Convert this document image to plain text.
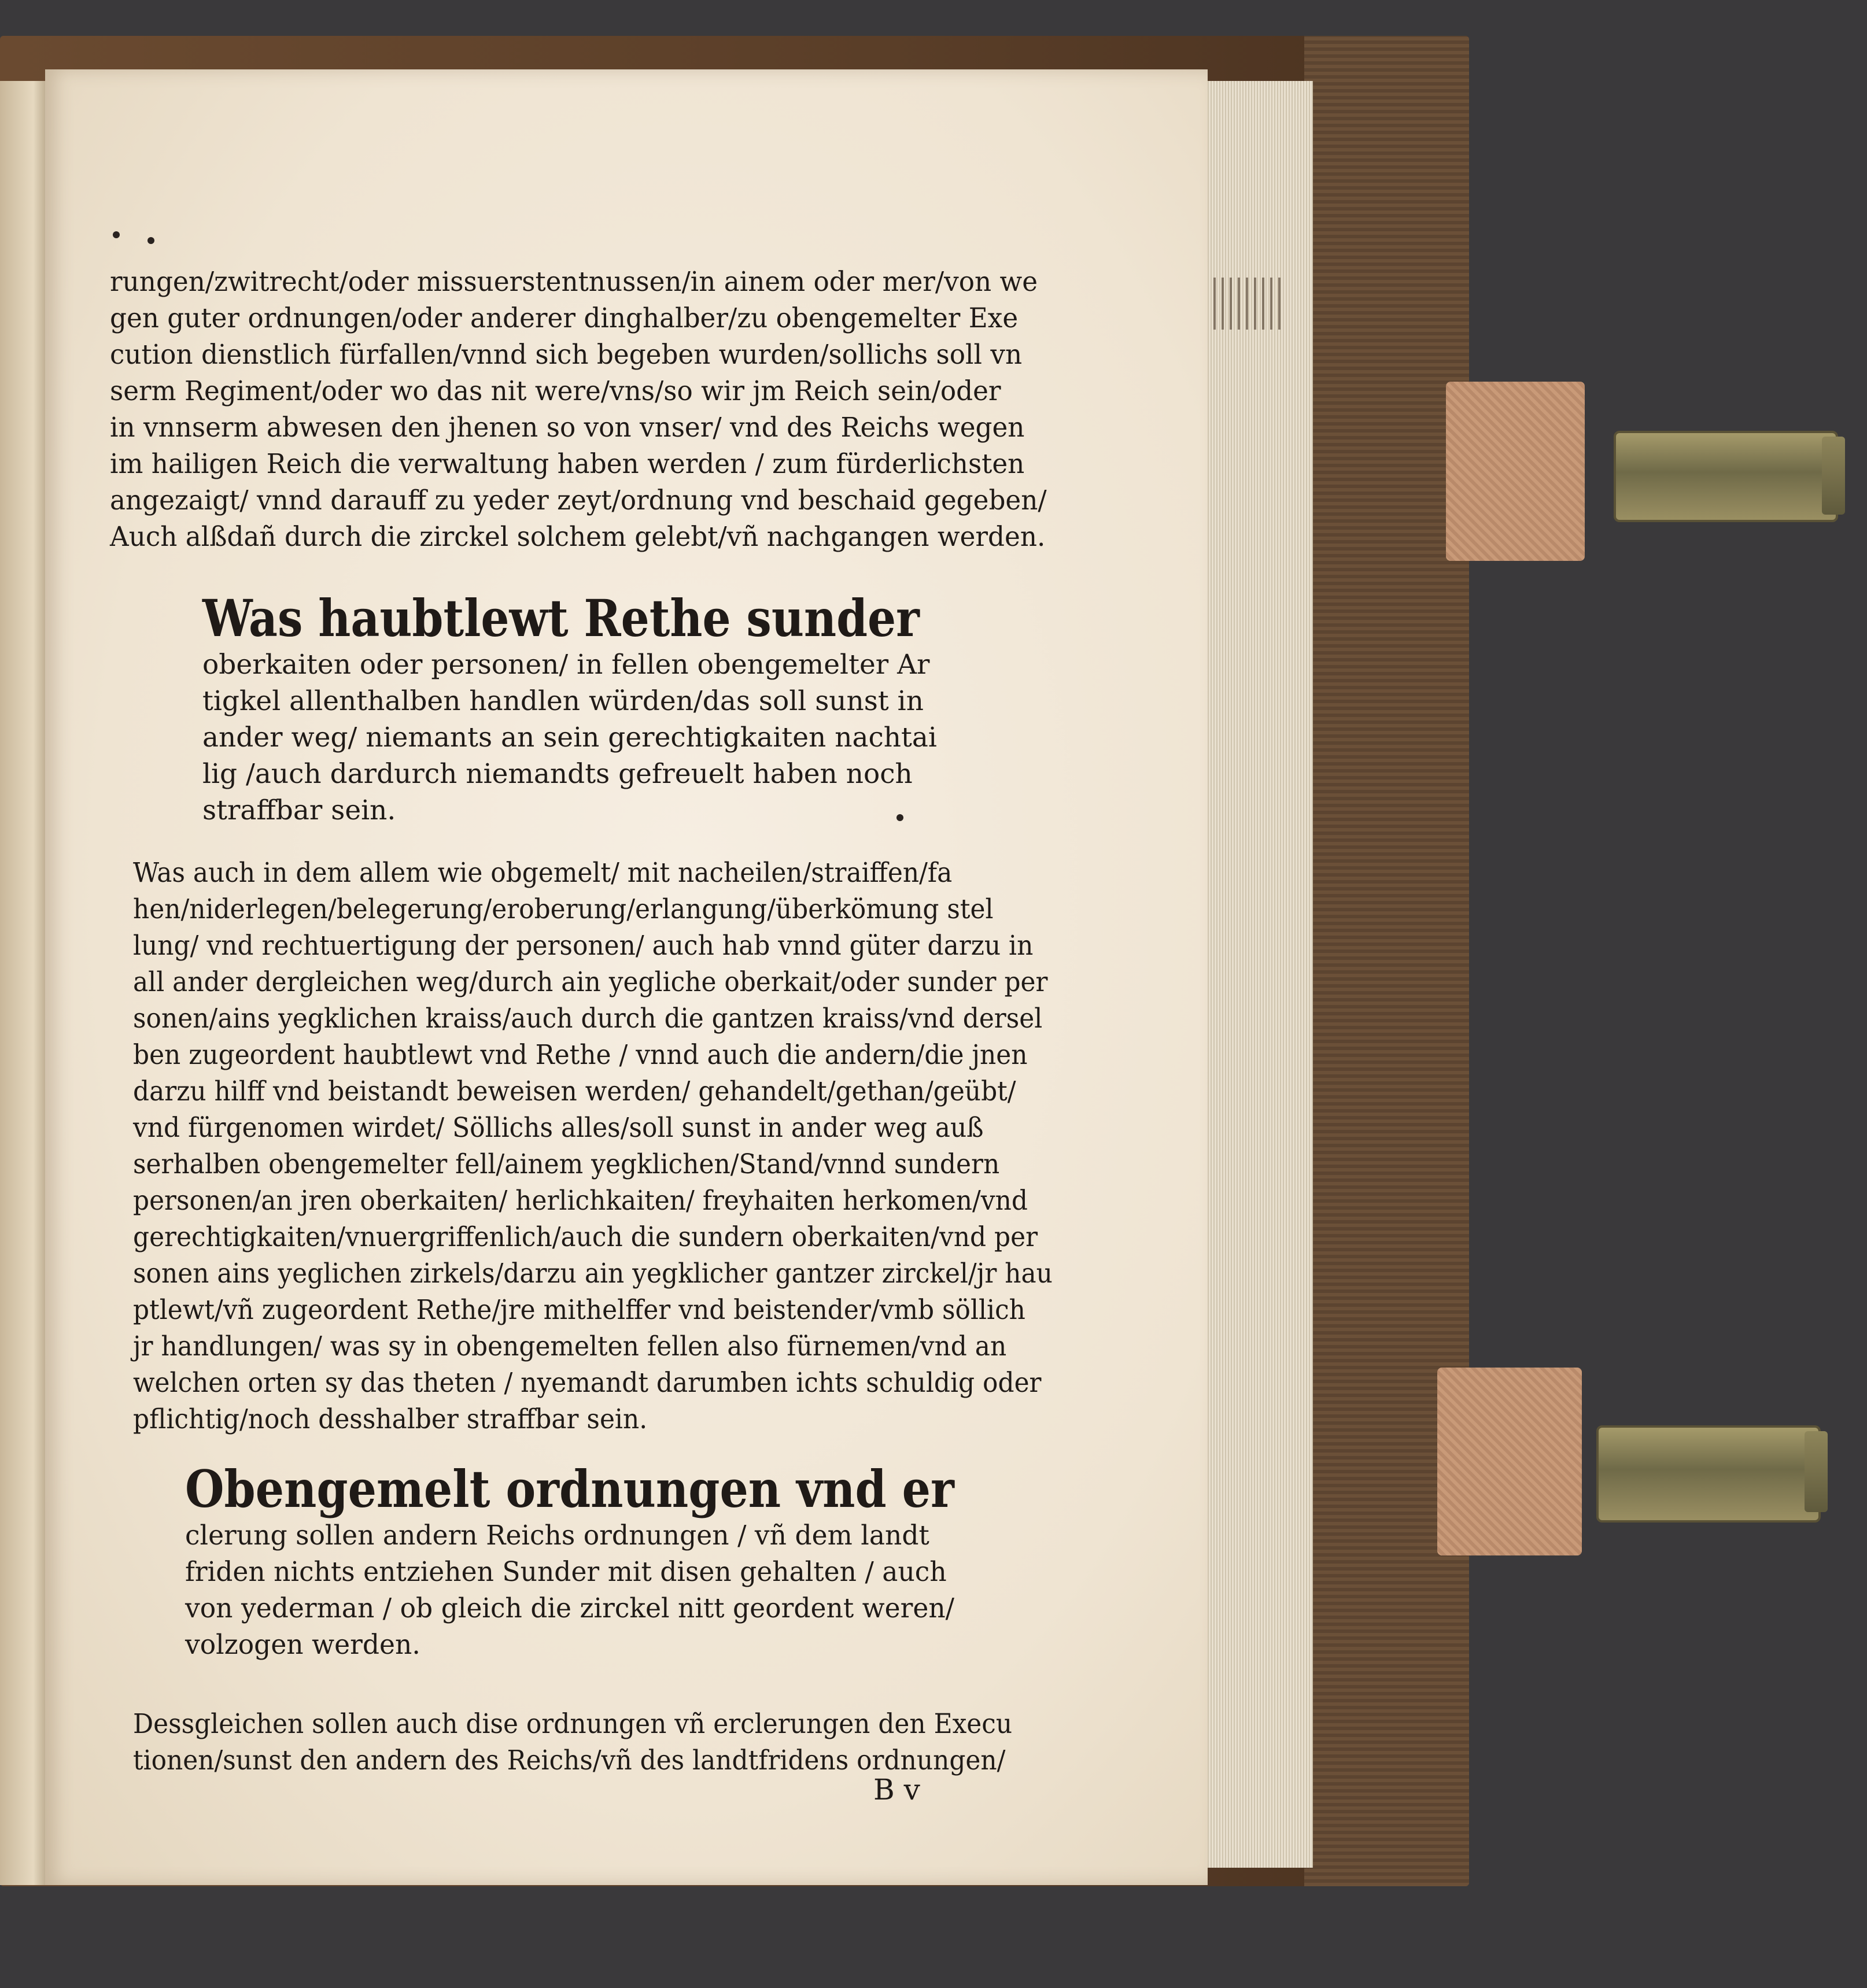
rungen/zwitrecht/oder missuerstentnussen/in ainem oder mer/von we
gen guter ordnungen/oder anderer dinghalber/zu obengemelter Exe
cution dienstlich fürfallen/vnnd sich begeben wurden/sollichs soll vn
serm Regiment/oder wo das nit were/vns/so wir jm Reich sein/oder
in vnnserm abwesen den jhenen so von vnser/ vnd des Reichs wegen
im hailigen Reich die verwaltung haben werden / zum fürderlichsten
angezaigt/ vnnd darauff zu yeder zeyt/ordnung vnd beschaid gegeben/
Auch alßdañ durch die zirckel solchem gelebt/vñ nachgangen werden.
Was haubtlewt Rethe sunder
oberkaiten oder personen/ in fellen obengemelter Ar
tigkel allenthalben handlen würden/das soll sunst in
ander weg/ niemants an sein gerechtigkaiten nachtai
lig /auch dardurch niemandts gefreuelt haben noch
straffbar sein.
Was auch in dem allem wie obgemelt/ mit nacheilen/straiffen/fa
hen/niderlegen/belegerung/eroberung/erlangung/überkömung stel
lung/ vnd rechtuertigung der personen/ auch hab vnnd güter darzu in
all ander dergleichen weg/durch ain yegliche oberkait/oder sunder per
sonen/ains yegklichen kraiss/auch durch die gantzen kraiss/vnd dersel
ben zugeordent haubtlewt vnd Rethe / vnnd auch die andern/die jnen
darzu hilff vnd beistandt beweisen werden/ gehandelt/gethan/geübt/
vnd fürgenomen wirdet/ Söllichs alles/soll sunst in ander weg auß
serhalben obengemelter fell/ainem yegklichen/Stand/vnnd sundern
personen/an jren oberkaiten/ herlichkaiten/ freyhaiten herkomen/vnd
gerechtigkaiten/vnuergriffenlich/auch die sundern oberkaiten/vnd per
sonen ains yeglichen zirkels/darzu ain yegklicher gantzer zirckel/jr hau
ptlewt/vñ zugeordent Rethe/jre mithelffer vnd beistender/vmb söllich
jr handlungen/ was sy in obengemelten fellen also fürnemen/vnd an
welchen orten sy das theten / nyemandt darumben ichts schuldig oder
pflichtig/noch desshalber straffbar sein.
Obengemelt ordnungen vnd er
clerung sollen andern Reichs ordnungen / vñ dem landt
friden nichts entziehen Sunder mit disen gehalten / auch
von yederman / ob gleich die zirckel nitt geordent weren/
volzogen werden.
Dessgleichen sollen auch dise ordnungen vñ erclerungen den Execu
tionen/sunst den andern des Reichs/vñ des landtfridens ordnungen/
B v
